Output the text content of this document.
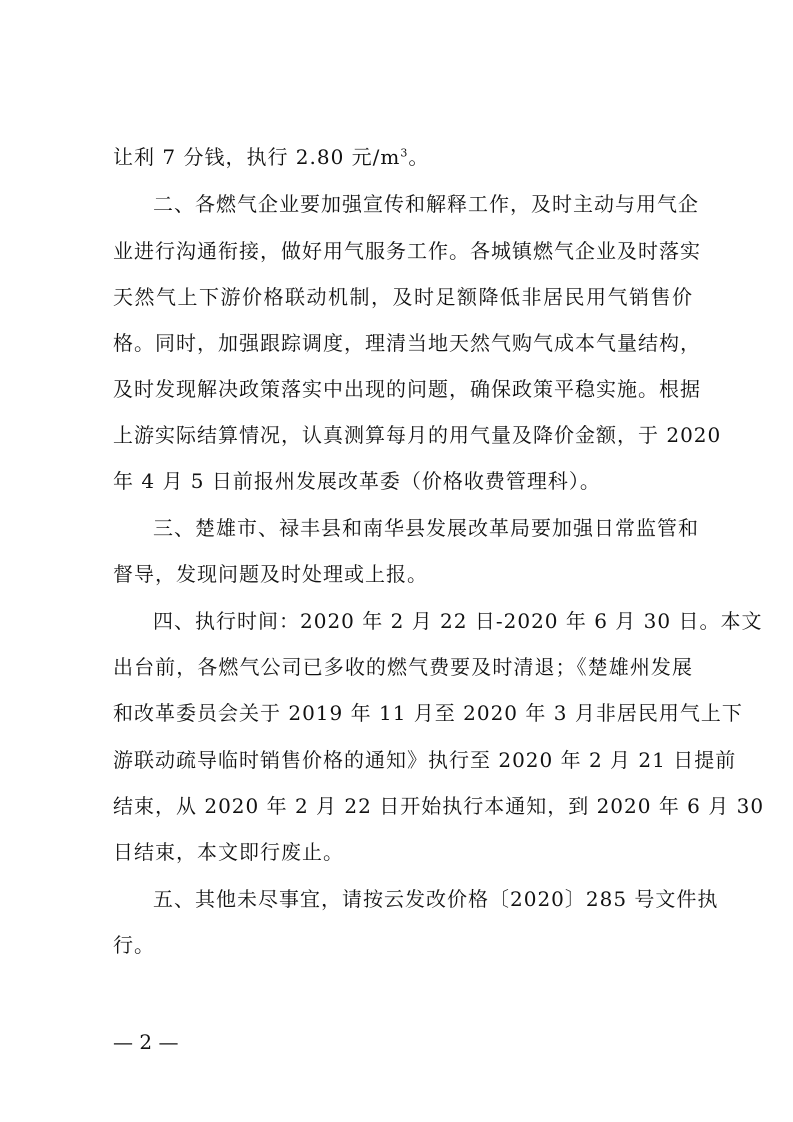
让利 7 分钱，执行 2.80 元$/m^3$。
二、各燃气企业要加强宣传和解释工作，及时主动与用气企
业进行沟通衔接，做好用气服务工作。各城镇燃气企业及时落实
天然气上下游价格联动机制，及时足额降低非居民用气销售价
格。同时，加强跟踪调度，理清当地天然气购气成本气量结构，
及时发现解决政策落实中出现的问题，确保政策平稳实施。根据
上游实际结算情况，认真测算每月的用气量及降价金额，于 2020
年 4 月 5 日前报州发展改革委（价格收费管理科）。
三、楚雄市、禄丰县和南华县发展改革局要加强日常监管和
督导，发现问题及时处理或上报。
四、执行时间：2020 年 2 月 22 日-2020 年 6 月 30 日。本文
出台前，各燃气公司已多收的燃气费要及时清退；《楚雄州发展
和改革委员会关于 2019 年 11 月至 2020 年 3 月非居民用气上下
游联动疏导临时销售价格的通知》执行至 2020 年 2 月 21 日提前
结束，从 2020 年 2 月 22 日开始执行本通知，到 2020 年 6 月 30
日结束，本文即行废止。
五、其他未尽事宜，请按云发改价格〔2020〕285 号文件执
行。
— 2 —
